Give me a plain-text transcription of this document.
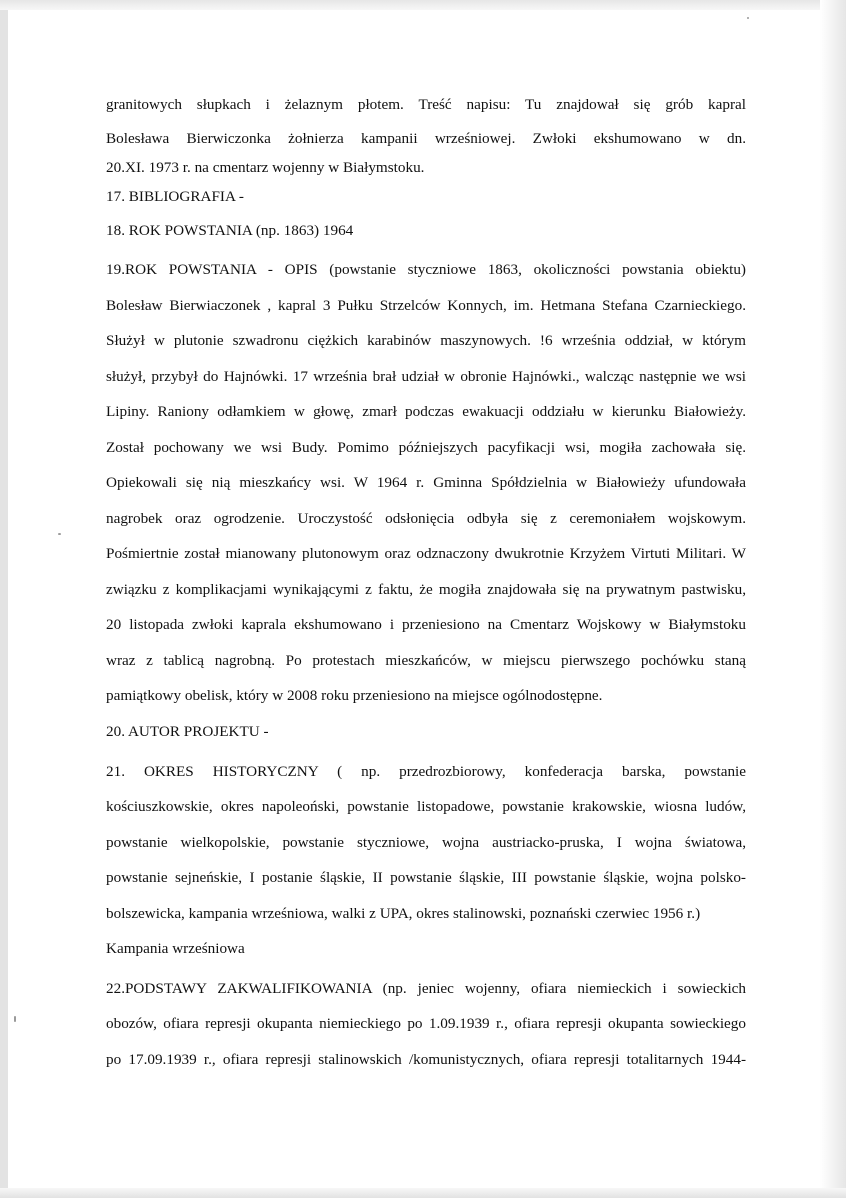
granitowych słupkach i żelaznym płotem. Treść napisu: Tu znajdował się grób kapral
Bolesława Bierwiczonka żołnierza kampanii wrześniowej. Zwłoki ekshumowano w dn.
20.XI. 1973 r. na cmentarz wojenny w Białymstoku.
17. BIBLIOGRAFIA -
18. ROK POWSTANIA (np. 1863) 1964
19.ROK POWSTANIA - OPIS (powstanie styczniowe 1863, okoliczności powstania obiektu)
Bolesław Bierwiaczonek , kapral 3 Pułku Strzelców Konnych, im. Hetmana Stefana Czarnieckiego.
Służył w plutonie szwadronu ciężkich karabinów maszynowych. !6 września oddział, w którym
służył, przybył do Hajnówki. 17 września brał udział w obronie Hajnówki., walcząc następnie we wsi
Lipiny. Raniony odłamkiem w głowę, zmarł podczas ewakuacji oddziału w kierunku Białowieży.
Został pochowany we wsi Budy. Pomimo późniejszych pacyfikacji wsi, mogiła zachowała się.
Opiekowali się nią mieszkańcy wsi. W 1964 r. Gminna Spółdzielnia w Białowieży ufundowała
nagrobek oraz ogrodzenie. Uroczystość odsłonięcia odbyła się z ceremoniałem wojskowym.
Pośmiertnie został mianowany plutonowym oraz odznaczony dwukrotnie Krzyżem Virtuti Militari. W
związku z komplikacjami wynikającymi z faktu, że mogiła znajdowała się na prywatnym pastwisku,
20 listopada zwłoki kaprala ekshumowano i przeniesiono na Cmentarz Wojskowy w Białymstoku
wraz z tablicą nagrobną. Po protestach mieszkańców, w miejscu pierwszego pochówku staną
pamiątkowy obelisk, który w 2008 roku przeniesiono na miejsce ogólnodostępne.
20. AUTOR PROJEKTU -
21. OKRES HISTORYCZNY ( np. przedrozbiorowy, konfederacja barska, powstanie
kościuszkowskie, okres napoleoński, powstanie listopadowe, powstanie krakowskie, wiosna ludów,
powstanie wielkopolskie, powstanie styczniowe, wojna austriacko-pruska, I wojna światowa,
powstanie sejneńskie, I postanie śląskie, II powstanie śląskie, III powstanie śląskie, wojna polsko-
bolszewicka, kampania wrześniowa, walki z UPA, okres stalinowski, poznański czerwiec 1956 r.)
Kampania wrześniowa
22.PODSTAWY ZAKWALIFIKOWANIA (np. jeniec wojenny, ofiara niemieckich i sowieckich
obozów, ofiara represji okupanta niemieckiego po 1.09.1939 r., ofiara represji okupanta sowieckiego
po 17.09.1939 r., ofiara represji stalinowskich /komunistycznych, ofiara represji totalitarnych 1944-
